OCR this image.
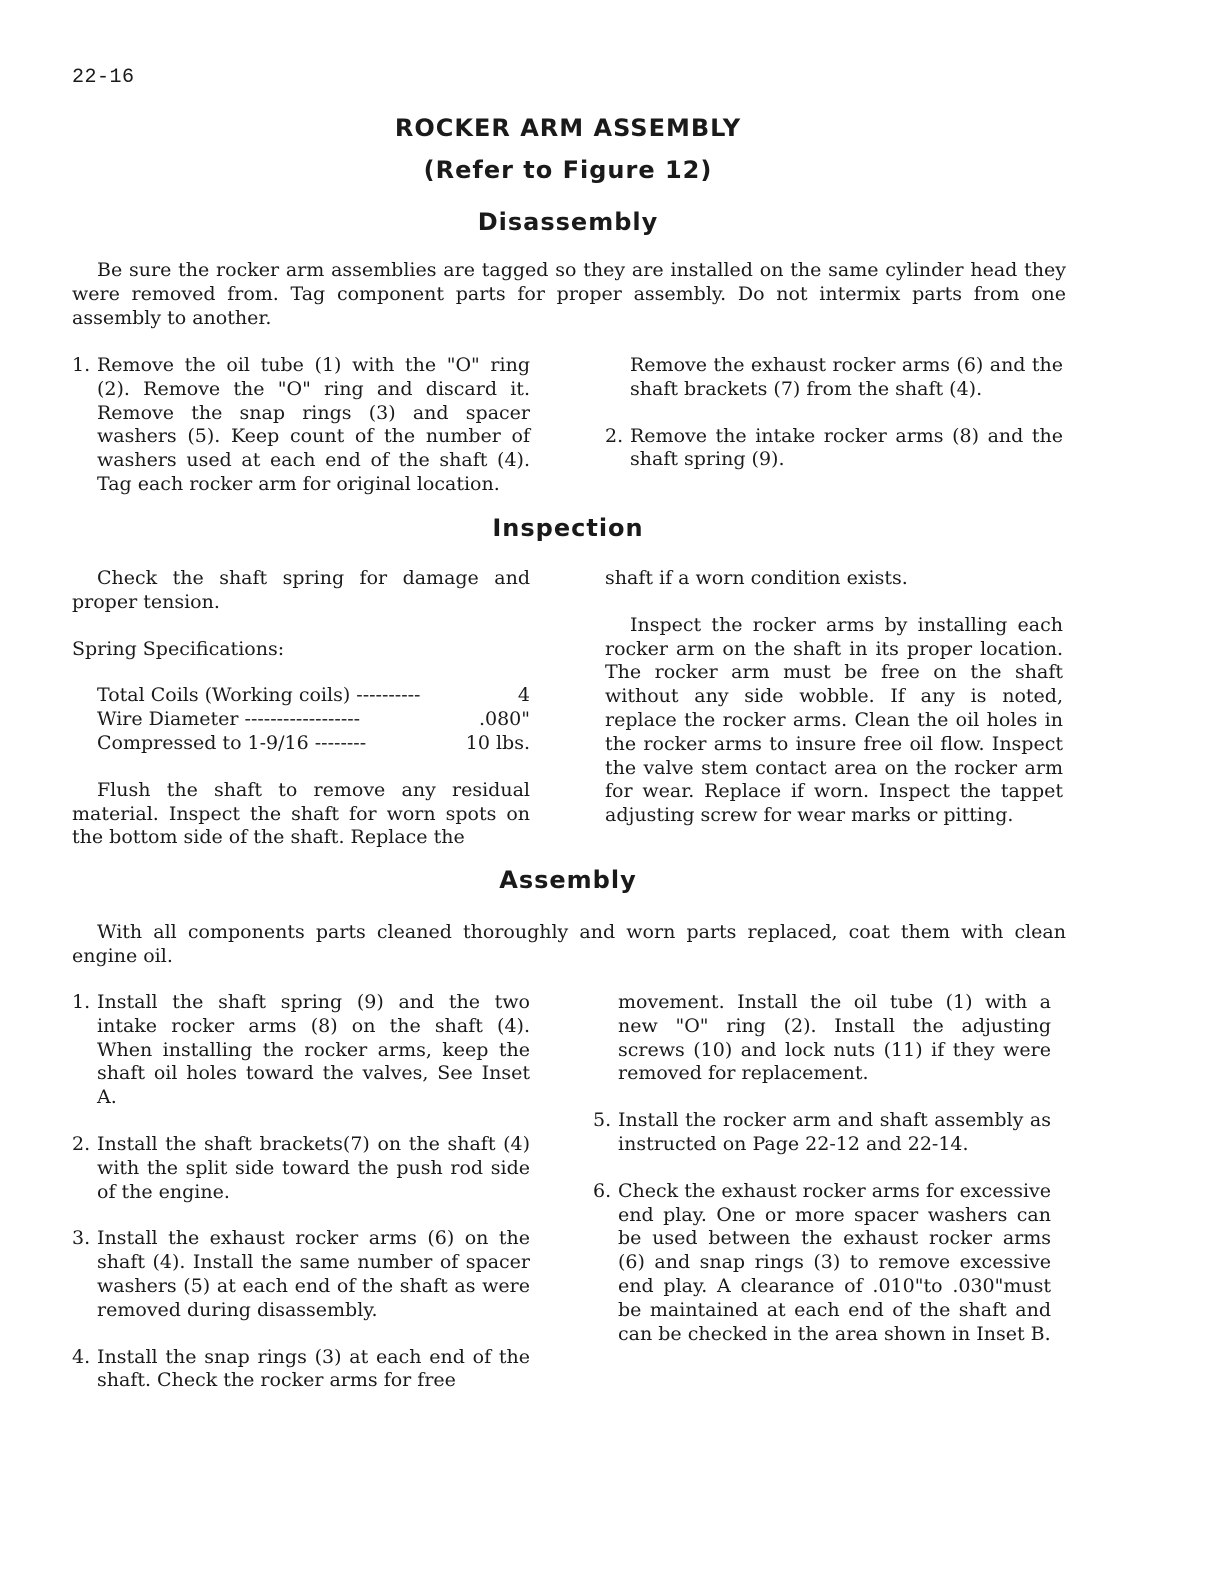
22-16
ROCKER ARM ASSEMBLY
(Refer to Figure 12)
Disassembly

Be sure the rocker arm assemblies are tagged so they are installed on the same cylinder head they were removed from. Tag component parts for proper assembly. Do not intermix parts from one assembly to another.

1. Remove the oil tube (1) with the "O" ring (2). Remove the "O" ring and discard it. Remove the snap rings (3) and spacer washers (5). Keep count of the number of washers used at each end of the shaft (4). Tag each rocker arm for original location.
Remove the exhaust rocker arms (6) and the shaft brackets (7) from the shaft (4).
2. Remove the intake rocker arms (8) and the shaft spring (9).
Inspection

Check the shaft spring for damage and proper tension.

Spring Specifications:

Total Coils (Working coils) ----------	4
Wire Diameter ------------------	.080"
Compressed to 1-9/16 --------	10 lbs.

Flush the shaft to remove any residual material. Inspect the shaft for worn spots on the bottom side of the shaft. Replace the

shaft if a worn condition exists.

Inspect the rocker arms by installing each rocker arm on the shaft in its proper location. The rocker arm must be free on the shaft without any side wobble. If any is noted, replace the rocker arms. Clean the oil holes in the rocker arms to insure free oil flow. Inspect the valve stem contact area on the rocker arm for wear. Replace if worn. Inspect the tappet adjusting screw for wear marks or pitting.

Assembly

With all components parts cleaned thoroughly and worn parts replaced, coat them with clean engine oil.

1. Install the shaft spring (9) and the two intake rocker arms (8) on the shaft (4). When installing the rocker arms, keep the shaft oil holes toward the valves, See Inset A.
2. Install the shaft brackets(7) on the shaft (4) with the split side toward the push rod side of the engine.
3. Install the exhaust rocker arms (6) on the shaft (4). Install the same number of spacer washers (5) at each end of the shaft as were removed during disassembly.
4. Install the snap rings (3) at each end of the shaft. Check the rocker arms for free
movement. Install the oil tube (1) with a new "O" ring (2). Install the adjusting screws (10) and lock nuts (11) if they were removed for replacement.
5. Install the rocker arm and shaft assembly as instructed on Page 22-12 and 22-14.
6. Check the exhaust rocker arms for excessive end play. One or more spacer washers can be used between the exhaust rocker arms (6) and snap rings (3) to remove excessive end play. A clearance of .010"to .030"must be maintained at each end of the shaft and can be checked in the area shown in Inset B.
